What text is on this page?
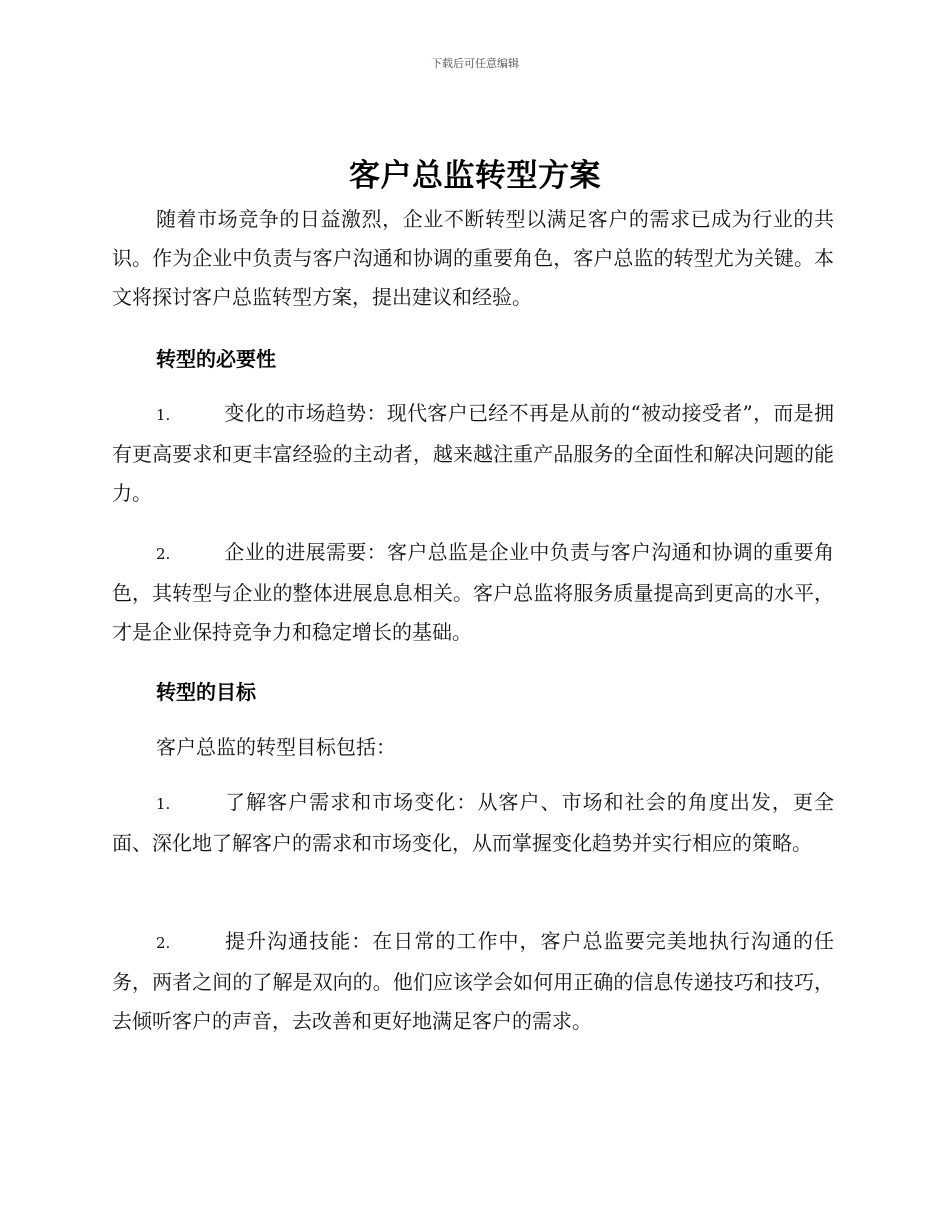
下载后可任意编辑
客户总监转型方案

随着市场竞争的日益激烈，企业不断转型以满足客户的需求已成为行业的共识。作为企业中负责与客户沟通和协调的重要角色，客户总监的转型尤为关键。本文将探讨客户总监转型方案，提出建议和经验。

转型的必要性
1.	变化的市场趋势：现代客户已经不再是从前的“被动接受者”，而是拥有更高要求和更丰富经验的主动者，越来越注重产品服务的全面性和解决问题的能力。
2.	企业的进展需要：客户总监是企业中负责与客户沟通和协调的重要角色，其转型与企业的整体进展息息相关。客户总监将服务质量提高到更高的水平，才是企业保持竞争力和稳定增长的基础。
转型的目标

客户总监的转型目标包括：

1.	了解客户需求和市场变化：从客户、市场和社会的角度出发，更全面、深化地了解客户的需求和市场变化，从而掌握变化趋势并实行相应的策略。
2.	提升沟通技能：在日常的工作中，客户总监要完美地执行沟通的任务，两者之间的了解是双向的。他们应该学会如何用正确的信息传递技巧和技巧，去倾听客户的声音，去改善和更好地满足客户的需求。
